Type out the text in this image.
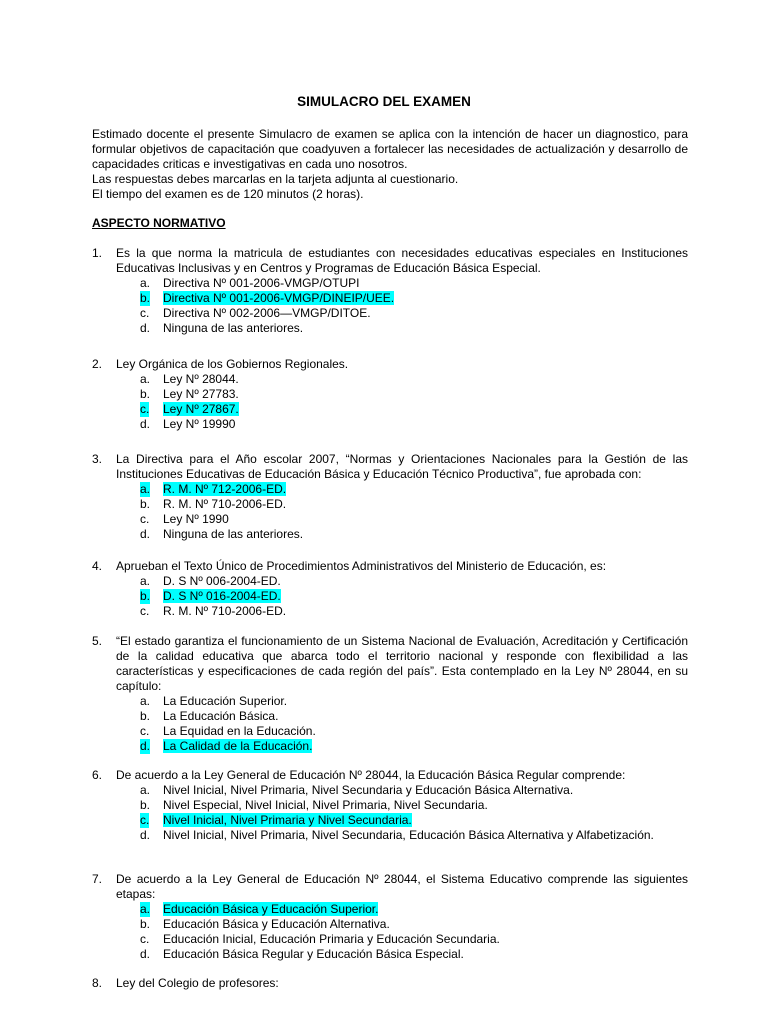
SIMULACRO DEL EXAMEN

Estimado docente el presente Simulacro de examen se aplica con la intención de hacer un diagnostico, para formular objetivos de capacitación que coadyuven a fortalecer las necesidades de actualización y desarrollo de capacidades criticas e investigativas en cada uno nosotros.

Las respuestas debes marcarlas en la tarjeta adjunta al cuestionario.

El tiempo del examen es de 120 minutos (2 horas).

ASPECTO NORMATIVO
1. Es la que norma la matricula de estudiantes con necesidades educativas especiales en Instituciones Educativas Inclusivas y en Centros y Programas de Educación Básica Especial.
a. Directiva Nº 001-2006-VMGP/OTUPI
b. Directiva Nº 001-2006-VMGP/DINEIP/UEE.
c. Directiva Nº 002-2006—VMGP/DITOE.
d. Ninguna de las anteriores.
2. Ley Orgánica de los Gobiernos Regionales.
a. Ley Nº 28044.
b. Ley Nº 27783.
c. Ley Nº 27867.
d. Ley Nº 19990
3. La Directiva para el Año escolar 2007, “Normas y Orientaciones Nacionales para la Gestión de las Instituciones Educativas de Educación Básica y Educación Técnico Productiva”, fue aprobada con:
a. R. M. Nº 712-2006-ED.
b. R. M. Nº 710-2006-ED.
c. Ley Nº 1990
d. Ninguna de las anteriores.
4. Aprueban el Texto Único de Procedimientos Administrativos del Ministerio de Educación, es:
a. D. S Nº 006-2004-ED.
b. D. S Nº 016-2004-ED.
c. R. M. Nº 710-2006-ED.
5. “El estado garantiza el funcionamiento de un Sistema Nacional de Evaluación, Acreditación y Certificación de la calidad educativa que abarca todo el territorio nacional y responde con flexibilidad a las características y especificaciones de cada región del país”. Esta contemplado en la Ley Nº 28044, en su capítulo:
a. La Educación Superior.
b. La Educación Básica.
c. La Equidad en la Educación.
d. La Calidad de la Educación.
6. De acuerdo a la Ley General de Educación Nº 28044, la Educación Básica Regular comprende:
a. Nivel Inicial, Nivel Primaria, Nivel Secundaria y Educación Básica Alternativa.
b. Nivel Especial, Nivel Inicial, Nivel Primaria, Nivel Secundaria.
c. Nivel Inicial, Nivel Primaria y Nivel Secundaria.
d. Nivel Inicial, Nivel Primaria, Nivel Secundaria, Educación Básica Alternativa y Alfabetización.
7. De acuerdo a la Ley General de Educación Nº 28044, el Sistema Educativo comprende las siguientes etapas:
a. Educación Básica y Educación Superior.
b. Educación Básica y Educación Alternativa.
c. Educación Inicial, Educación Primaria y Educación Secundaria.
d. Educación Básica Regular y Educación Básica Especial.
8. Ley del Colegio de profesores:
